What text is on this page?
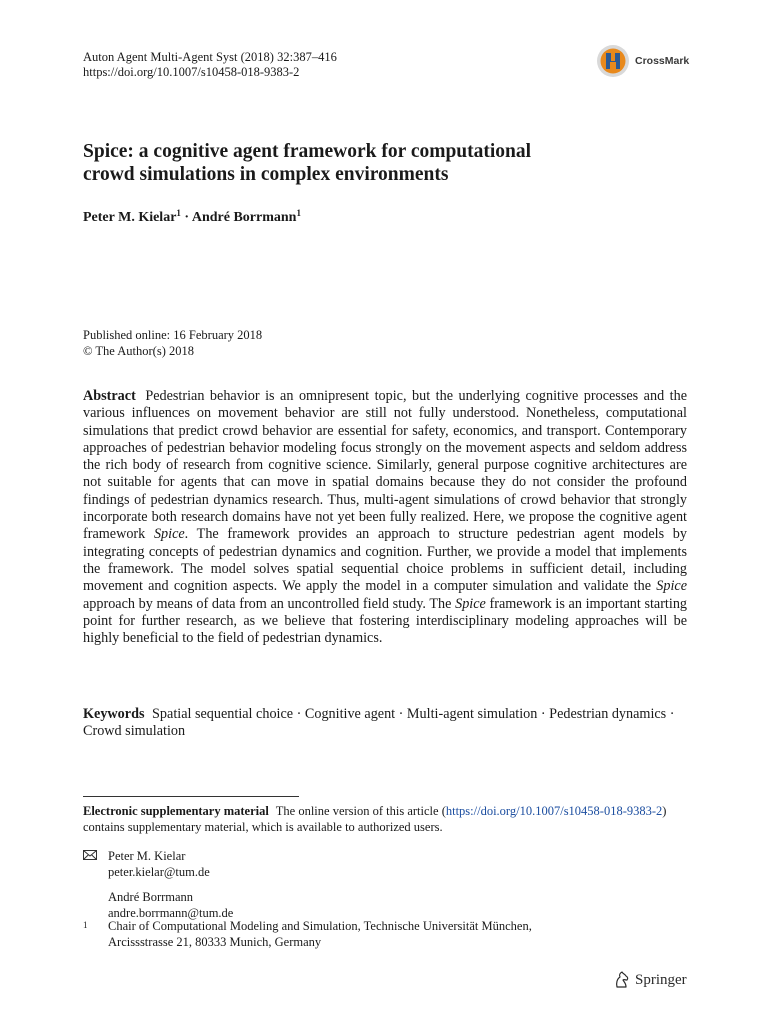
Auton Agent Multi-Agent Syst (2018) 32:387–416
https://doi.org/10.1007/s10458-018-9383-2
CrossMark
Spice: a cognitive agent framework for computational
crowd simulations in complex environments
Peter M. Kielar$^1$ · André Borrmann$^1$
Published online: 16 February 2018
© The Author(s) 2018
Abstract Pedestrian behavior is an omnipresent topic, but the underlying cognitive processes and the various influences on movement behavior are still not fully understood. Nonetheless, computational simulations that predict crowd behavior are essential for safety, economics, and transport. Contemporary approaches of pedestrian behavior modeling focus strongly on the movement aspects and seldom address the rich body of research from cognitive science. Similarly, general purpose cognitive architectures are not suitable for agents that can move in spatial domains because they do not consider the profound findings of pedestrian dynamics research. Thus, multi-agent simulations of crowd behavior that strongly incorporate both research domains have not yet been fully realized. Here, we propose the cognitive agent framework Spice. The framework provides an approach to structure pedestrian agent models by integrating concepts of pedestrian dynamics and cognition. Further, we provide a model that implements the framework. The model solves spatial sequential choice problems in sufficient detail, including movement and cognition aspects. We apply the model in a computer simulation and validate the Spice approach by means of data from an uncontrolled field study. The Spice framework is an important starting point for further research, as we believe that fostering interdisciplinary modeling approaches will be highly beneficial to the field of pedestrian dynamics.
Keywords Spatial sequential choice · Cognitive agent · Multi-agent simulation · Pedestrian dynamics · Crowd simulation
Electronic supplementary material The online version of this article (https://doi.org/10.1007/s10458-018-9383-2) contains supplementary material, which is available to authorized users.
Peter M. Kielar
peter.kielar@tum.de
André Borrmann
andre.borrmann@tum.de
1	Chair of Computational Modeling and Simulation, Technische Universität München,
Arcissstrasse 21, 80333 Munich, Germany
Springer
